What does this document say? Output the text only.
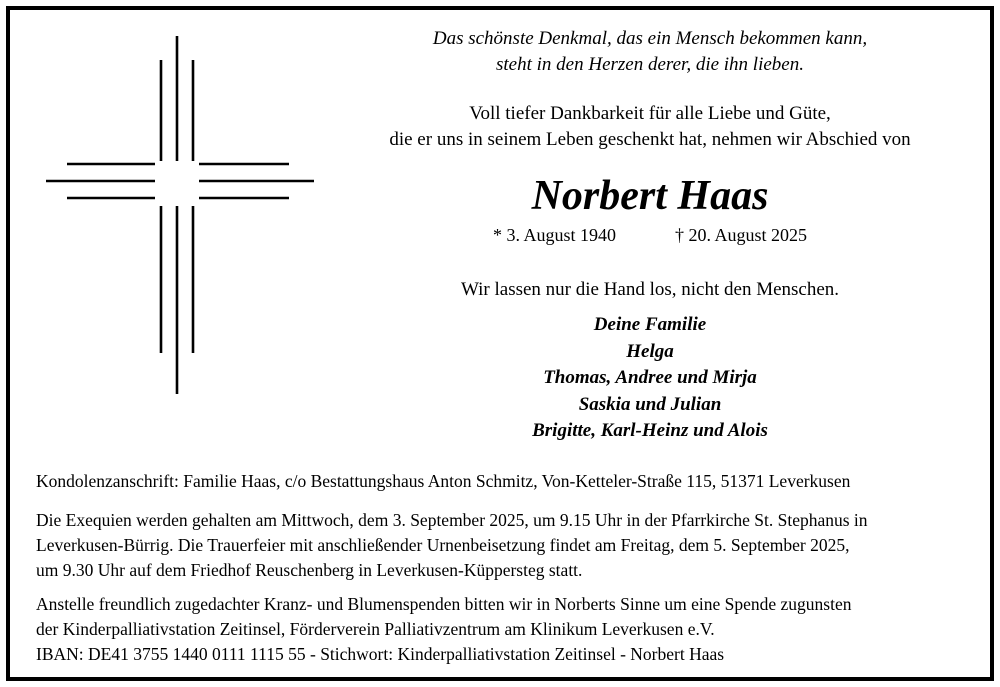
Das schönste Denkmal, das ein Mensch bekommen kann,
steht in den Herzen derer, die ihn lieben.
Voll tiefer Dankbarkeit für alle Liebe und Güte,
die er uns in seinem Leben geschenkt hat, nehmen wir Abschied von
Norbert Haas
* 3. August 1940	† 20. August 2025
Wir lassen nur die Hand los, nicht den Menschen.
Deine Familie
Helga
Thomas, Andree und Mirja
Saskia und Julian
Brigitte, Karl-Heinz und Alois
Kondolenzanschrift: Familie Haas, c/o Bestattungshaus Anton Schmitz, Von-Ketteler-Straße 115, 51371 Leverkusen
Die Exequien werden gehalten am Mittwoch, dem 3. September 2025, um 9.15 Uhr in der Pfarrkirche St. Stephanus in
Leverkusen-Bürrig. Die Trauerfeier mit anschließender Urnenbeisetzung findet am Freitag, dem 5. September 2025,
um 9.30 Uhr auf dem Friedhof Reuschenberg in Leverkusen-Küppersteg statt.
Anstelle freundlich zugedachter Kranz- und Blumenspenden bitten wir in Norberts Sinne um eine Spende zugunsten
der Kinderpalliativstation Zeitinsel, Förderverein Palliativzentrum am Klinikum Leverkusen e.V.
IBAN: DE41 3755 1440 0111 1115 55 - Stichwort: Kinderpalliativstation Zeitinsel - Norbert Haas
